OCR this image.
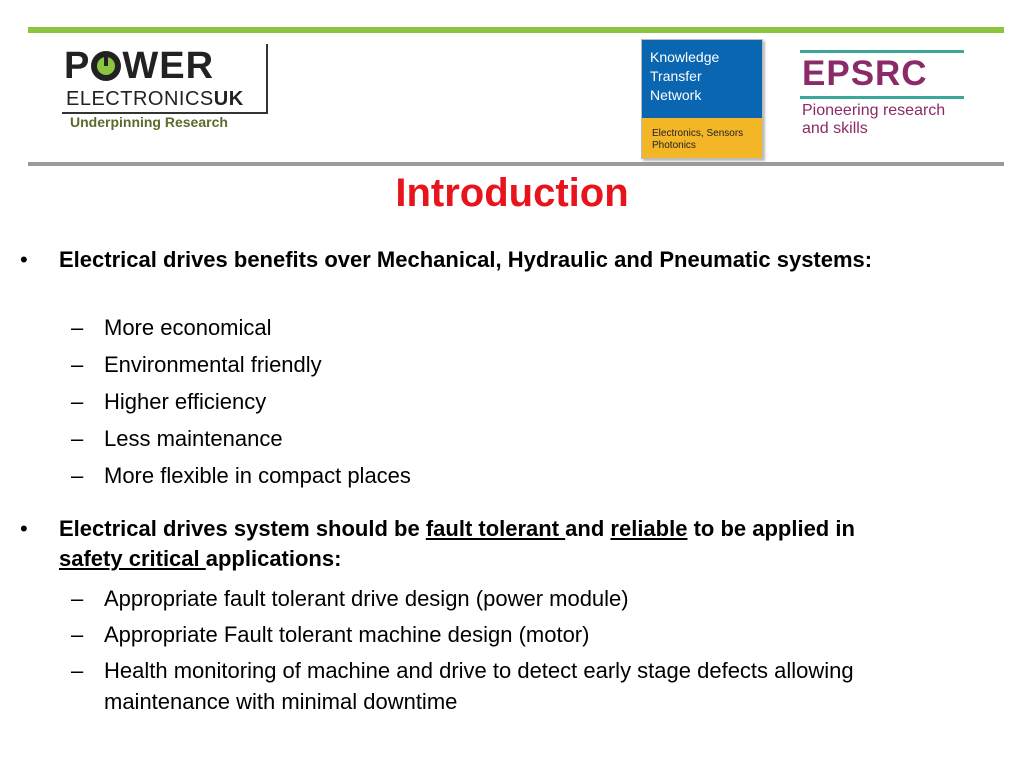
P WER
ELECTRONICSUK
Underpinning Research
Knowledge
Transfer
Network
Electronics, Sensors
Photonics
EPSRC
Pioneering research
and skills
Introduction
• Electrical drives benefits over Mechanical, Hydraulic and Pneumatic systems:
– More economical
– Environmental friendly
– Higher efficiency
– Less maintenance
– More flexible in compact places
• Electrical drives system should be fault tolerant and reliable to be applied in safety critical applications:
– Appropriate fault tolerant drive design (power module)
– Appropriate Fault tolerant machine design (motor)
– Health monitoring of machine and drive to detect early stage defects allowing maintenance with minimal downtime
